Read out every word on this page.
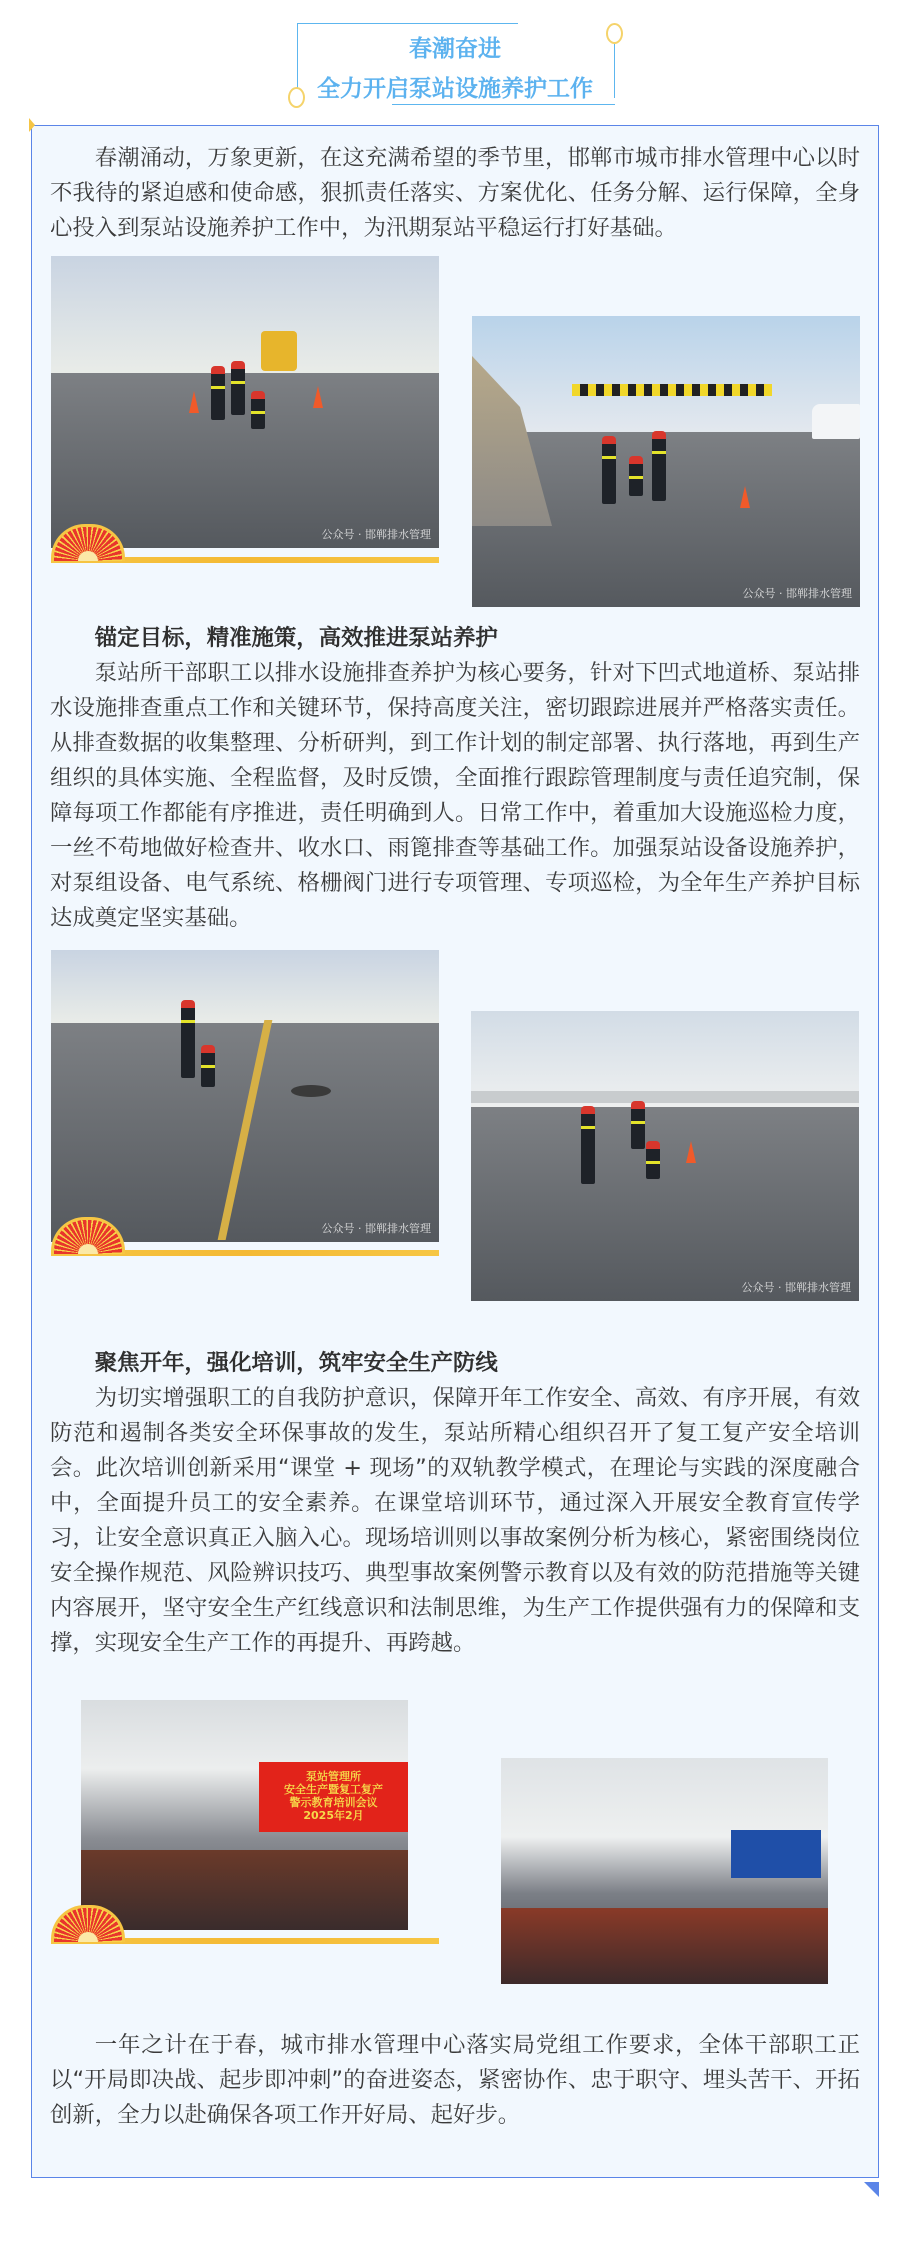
春潮奋进
全力开启泵站设施养护工作
春潮涌动，万象更新，在这充满希望的季节里，邯郸市城市排水管理中心以时不我待的紧迫感和使命感，狠抓责任落实、方案优化、任务分解、运行保障，全身心投入到泵站设施养护工作中，为汛期泵站平稳运行打好基础。
公众号 · 邯郸排水管理
公众号 · 邯郸排水管理
锚定目标，精准施策，高效推进泵站养护
泵站所干部职工以排水设施排查养护为核心要务，针对下凹式地道桥、泵站排水设施排查重点工作和关键环节，保持高度关注，密切跟踪进展并严格落实责任。从排查数据的收集整理、分析研判，到工作计划的制定部署、执行落地，再到生产组织的具体实施、全程监督，及时反馈，全面推行跟踪管理制度与责任追究制，保障每项工作都能有序推进，责任明确到人。日常工作中，着重加大设施巡检力度，一丝不苟地做好检查井、收水口、雨篦排查等基础工作。加强泵站设备设施养护，对泵组设备、电气系统、格栅阀门进行专项管理、专项巡检，为全年生产养护目标达成奠定坚实基础。
公众号 · 邯郸排水管理
公众号 · 邯郸排水管理
聚焦开年，强化培训，筑牢安全生产防线
为切实增强职工的自我防护意识，保障开年工作安全、高效、有序开展，有效防范和遏制各类安全环保事故的发生，泵站所精心组织召开了复工复产安全培训会。此次培训创新采用“课堂 + 现场”的双轨教学模式，在理论与实践的深度融合中，全面提升员工的安全素养。在课堂培训环节，通过深入开展安全教育宣传学习，让安全意识真正入脑入心。现场培训则以事故案例分析为核心，紧密围绕岗位安全操作规范、风险辨识技巧、典型事故案例警示教育以及有效的防范措施等关键内容展开，坚守安全生产红线意识和法制思维，为生产工作提供强有力的保障和支撑，实现安全生产工作的再提升、再跨越。
泵站管理所
安全生产暨复工复产
警示教育培训会议
2025年2月
一年之计在于春，城市排水管理中心落实局党组工作要求，全体干部职工正以“开局即决战、起步即冲刺”的奋进姿态，紧密协作、忠于职守、埋头苦干、开拓创新，全力以赴确保各项工作开好局、起好步。
